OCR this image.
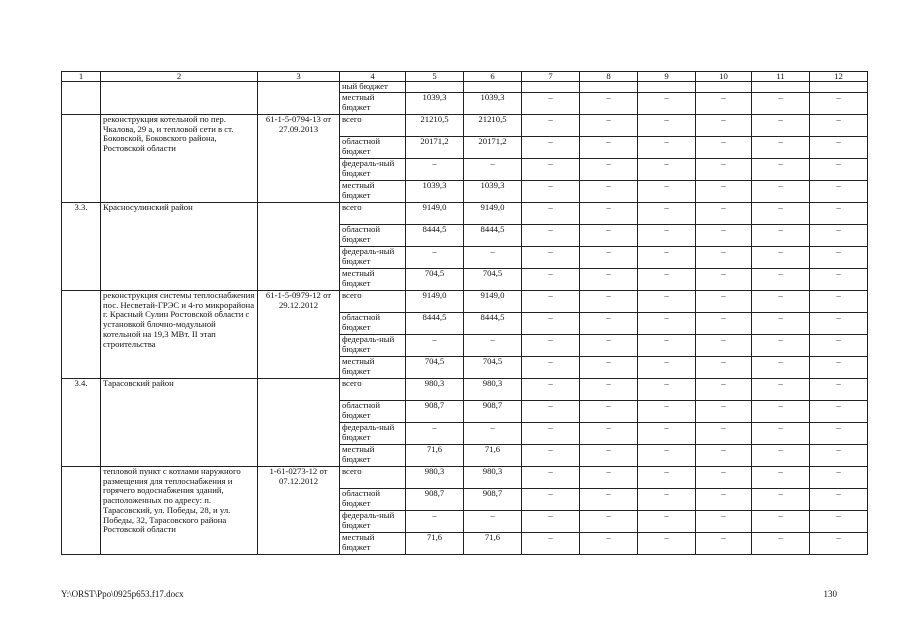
1	2	3	4	5	6	7	8	9	10	11	12
			ный бюджет								
			местный бюджет	1039,3	1039,3	–	–	–	–	–	–
	реконструкция котельной по пер. Чкалова, 29 а, и тепловой сети в ст. Боковской, Боковского района, Ростовской области	61-1-5-0794-13 от 27.09.2013	всего	21210,5	21210,5	–	–	–	–	–	–
			областной бюджет	20171,2	20171,2	–	–	–	–	–	–
			федераль-ный бюджет	–	–	–	–	–	–	–	–
			местный бюджет	1039,3	1039,3	–	–	–	–	–	–
3.3.	Красносулинский район		всего	9149,0	9149,0	–	–	–	–	–	–
			областной бюджет	8444,5	8444,5	–	–	–	–	–	–
			федераль-ный бюджет	–	–	–	–	–	–	–	–
			местный бюджет	704,5	704,5	–	–	–	–	–	–
	реконструкция системы теплоснабжения пос. Несветай-ГРЭС и 4-го микрорайона г. Красный Сулин Ростовской области с установкой блочно-модульной котельной на 19,3 МВт. II этап строительства	61-1-5-0979-12 от 29.12.2012	всего	9149,0	9149,0	–	–	–	–	–	–
			областной бюджет	8444,5	8444,5	–	–	–	–	–	–
			федераль-ный бюджет	–	–	–	–	–	–	–	–
			местный бюджет	704,5	704,5	–	–	–	–	–	–
3.4.	Тарасовский район		всего	980,3	980,3	–	–	–	–	–	–
			областной бюджет	908,7	908,7	–	–	–	–	–	–
			федераль-ный бюджет	–	–	–	–	–	–	–	–
			местный бюджет	71,6	71,6	–	–	–	–	–	–
	тепловой пункт с котлами наружного размещения для теплоснабжения и горячего водоснабжения зданий, расположенных по адресу: п. Тарасовский, ул. Победы, 28, и ул. Победы, 32, Тарасовского района Ростовской области	1-61-0273-12 от 07.12.2012	всего	980,3	980,3	–	–	–	–	–	–
			областной бюджет	908,7	908,7	–	–	–	–	–	–
			федераль-ный бюджет	–	–	–	–	–	–	–	–
			местный бюджет	71,6	71,6	–	–	–	–	–	–
Y:\ORST\Ppo\0925p653.f17.docx	130
